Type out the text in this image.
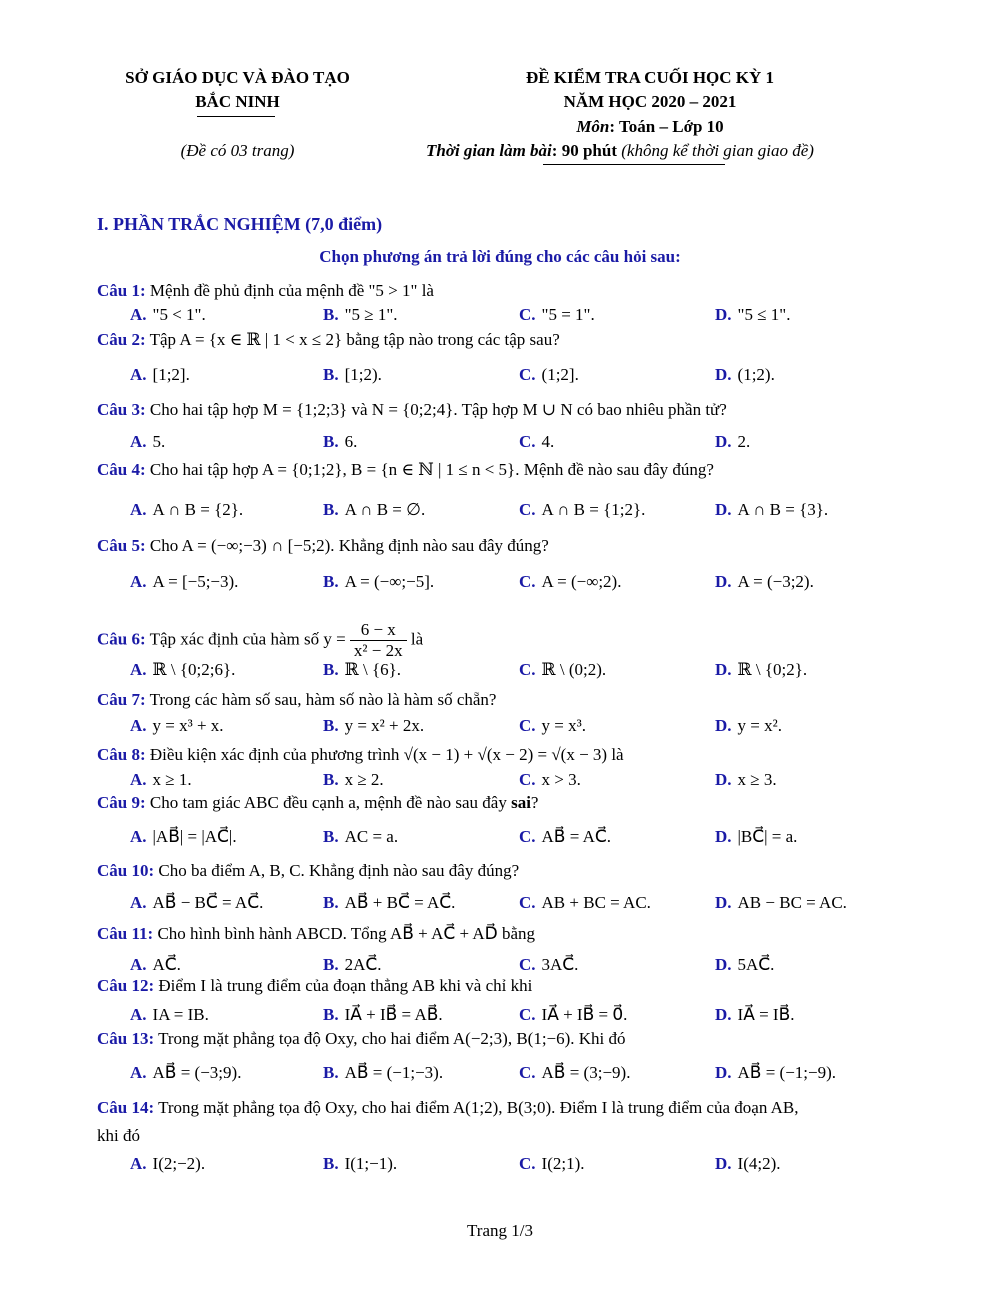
SỞ GIÁO DỤC VÀ ĐÀO TẠO
BẮC NINH
(Đề có 03 trang)
ĐỀ KIỂM TRA CUỐI HỌC KỲ 1
NĂM HỌC 2020 – 2021
Môn: Toán – Lớp 10
Thời gian làm bài: 90 phút (không kể thời gian giao đề)
I. PHẦN TRẮC NGHIỆM (7,0 điểm)
Chọn phương án trả lời đúng cho các câu hỏi sau:
Câu 1: Mệnh đề phủ định của mệnh đề "5 > 1" là
A. "5 < 1".	B. "5 ≥ 1".	C. "5 = 1".	D. "5 ≤ 1".
Câu 2: Tập A = {x ∈ ℝ | 1 < x ≤ 2} bằng tập nào trong các tập sau?
A. [1;2].	B. [1;2).	C. (1;2].	D. (1;2).
Câu 3: Cho hai tập hợp M = {1;2;3} và N = {0;2;4}. Tập hợp M ∪ N có bao nhiêu phần tử?
A. 5.	B. 6.	C. 4.	D. 2.
Câu 4: Cho hai tập hợp A = {0;1;2}, B = {n ∈ ℕ | 1 ≤ n < 5}. Mệnh đề nào sau đây đúng?
A. A ∩ B = {2}.	B. A ∩ B = ∅.	C. A ∩ B = {1;2}.	D. A ∩ B = {3}.
Câu 5: Cho A = (−∞;−3) ∩ [−5;2). Khẳng định nào sau đây đúng?
A. A = [−5;−3).	B. A = (−∞;−5].	C. A = (−∞;2).	D. A = (−3;2).
Câu 6: Tập xác định của hàm số $y = \frac{6 - x}{\text{x² − 2x}}$ là
A. ℝ \ {0;2;6}.	B. ℝ \ {6}.	C. ℝ \ (0;2).	D. ℝ \ {0;2}.
Câu 7: Trong các hàm số sau, hàm số nào là hàm số chẵn?
A. y = x³ + x.	B. y = x² + 2x.	C. y = x³.	D. y = x².
Câu 8: Điều kiện xác định của phương trình √(x − 1) + √(x − 2) = √(x − 3) là
A. x ≥ 1.	B. x ≥ 2.	C. x > 3.	D. x ≥ 3.
Câu 9: Cho tam giác ABC đều cạnh a, mệnh đề nào sau đây sai?
A. |AB⃗| = |AC⃗|.	B. AC = a.	C. AB⃗ = AC⃗.	D. |BC⃗| = a.
Câu 10: Cho ba điểm A, B, C. Khẳng định nào sau đây đúng?
A. AB⃗ − BC⃗ = AC⃗.	B. AB⃗ + BC⃗ = AC⃗.	C. AB + BC = AC.	D. AB − BC = AC.
Câu 11: Cho hình bình hành ABCD. Tổng AB⃗ + AC⃗ + AD⃗ bằng
A. AC⃗.	B. 2AC⃗.	C. 3AC⃗.	D. 5AC⃗.
Câu 12: Điểm I là trung điểm của đoạn thẳng AB khi và chỉ khi
A. IA = IB.	B. IA⃗ + IB⃗ = AB⃗.	C. IA⃗ + IB⃗ = 0⃗.	D. IA⃗ = IB⃗.
Câu 13: Trong mặt phẳng tọa độ Oxy, cho hai điểm A(−2;3), B(1;−6). Khi đó
A. AB⃗ = (−3;9).	B. AB⃗ = (−1;−3).	C. AB⃗ = (3;−9).	D. AB⃗ = (−1;−9).
Câu 14: Trong mặt phẳng tọa độ Oxy, cho hai điểm A(1;2), B(3;0). Điểm I là trung điểm của đoạn AB,
khi đó
A. I(2;−2).	B. I(1;−1).	C. I(2;1).	D. I(4;2).
Trang 1/3
